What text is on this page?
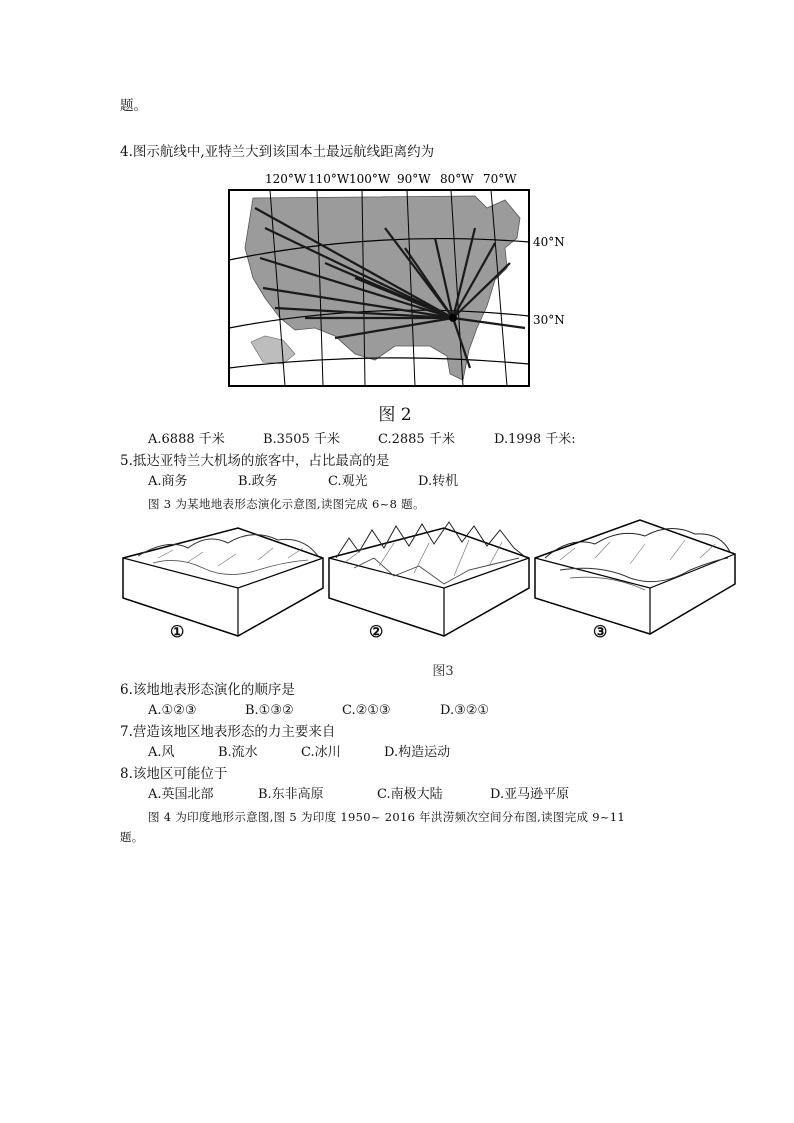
题。
4.图示航线中,亚特兰大到该国本土最远航线距离约为
120°W 110°W 100°W 90°W 80°W 70°W
40°N
30°N
图 2
A.6888 千米	B.3505 千米	C.2885 千米	D.1998 千米:
5.抵达亚特兰大机场的旅客中，占比最高的是
A.商务	B.政务	C.观光	D.转机
图 3 为某地地表形态演化示意图,读图完成 6~8 题。
①	②	③
图3
6.该地地表形态演化的顺序是
A.①②③	B.①③②	C.②①③	D.③②①
7.营造该地区地表形态的力主要来自
A.风	B.流水	C.冰川	D.构造运动
8.该地区可能位于
A.英国北部	B.东非高原	C.南极大陆	D.亚马逊平原
图 4 为印度地形示意图,图 5 为印度 1950~ 2016 年洪涝频次空间分布图,读图完成 9~11
题。
